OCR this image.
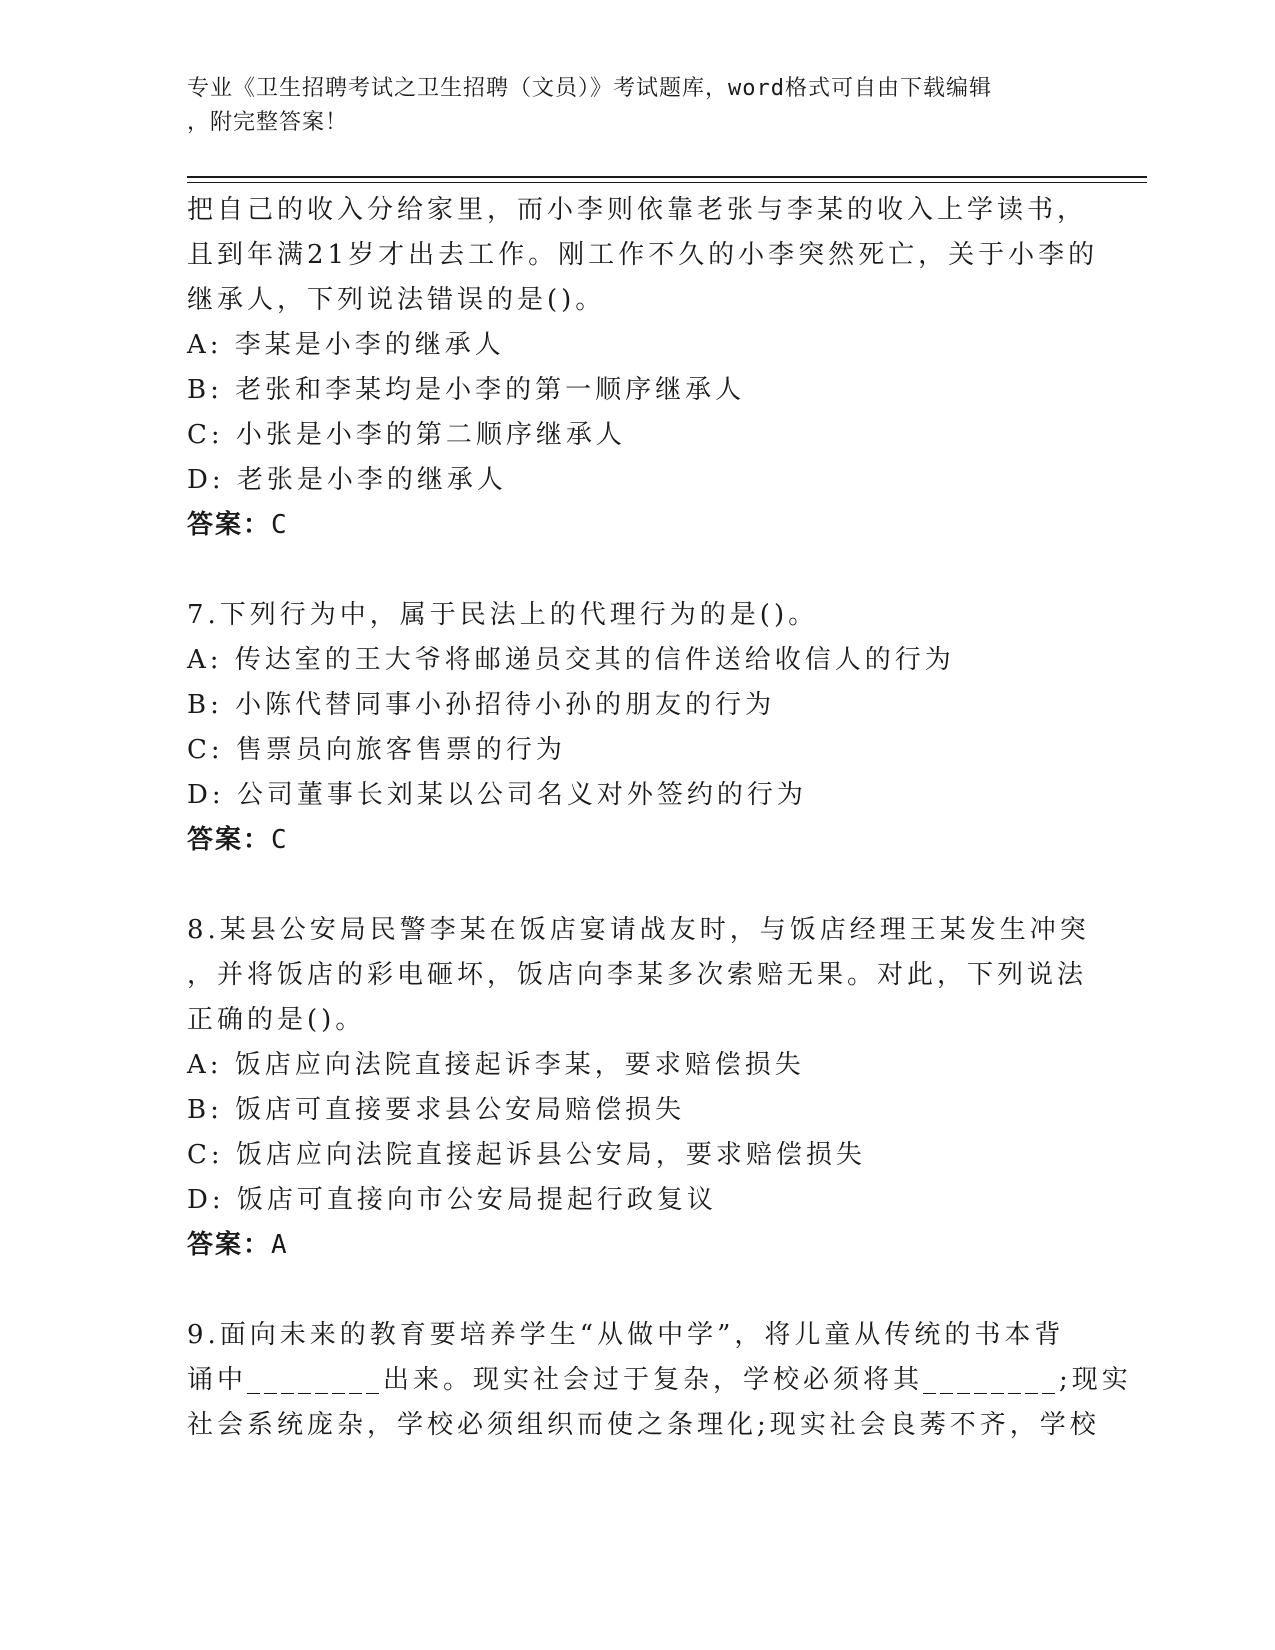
专业《卫生招聘考试之卫生招聘（文员）》考试题库，word格式可自由下载编辑
，附完整答案！
把自己的收入分给家里，而小李则依靠老张与李某的收入上学读书，
且到年满21岁才出去工作。刚工作不久的小李突然死亡，关于小李的
继承人，下列说法错误的是()。
A: 李某是小李的继承人
B: 老张和李某均是小李的第一顺序继承人
C: 小张是小李的第二顺序继承人
D: 老张是小李的继承人
答案：C
7.下列行为中，属于民法上的代理行为的是()。
A: 传达室的王大爷将邮递员交其的信件送给收信人的行为
B: 小陈代替同事小孙招待小孙的朋友的行为
C: 售票员向旅客售票的行为
D: 公司董事长刘某以公司名义对外签约的行为
答案：C
8.某县公安局民警李某在饭店宴请战友时，与饭店经理王某发生冲突
，并将饭店的彩电砸坏，饭店向李某多次索赔无果。对此，下列说法
正确的是()。
A: 饭店应向法院直接起诉李某，要求赔偿损失
B: 饭店可直接要求县公安局赔偿损失
C: 饭店应向法院直接起诉县公安局，要求赔偿损失
D: 饭店可直接向市公安局提起行政复议
答案：A
9.面向未来的教育要培养学生“从做中学”，将儿童从传统的书本背
诵中________出来。现实社会过于复杂，学校必须将其________;现实
社会系统庞杂，学校必须组织而使之条理化;现实社会良莠不齐，学校
